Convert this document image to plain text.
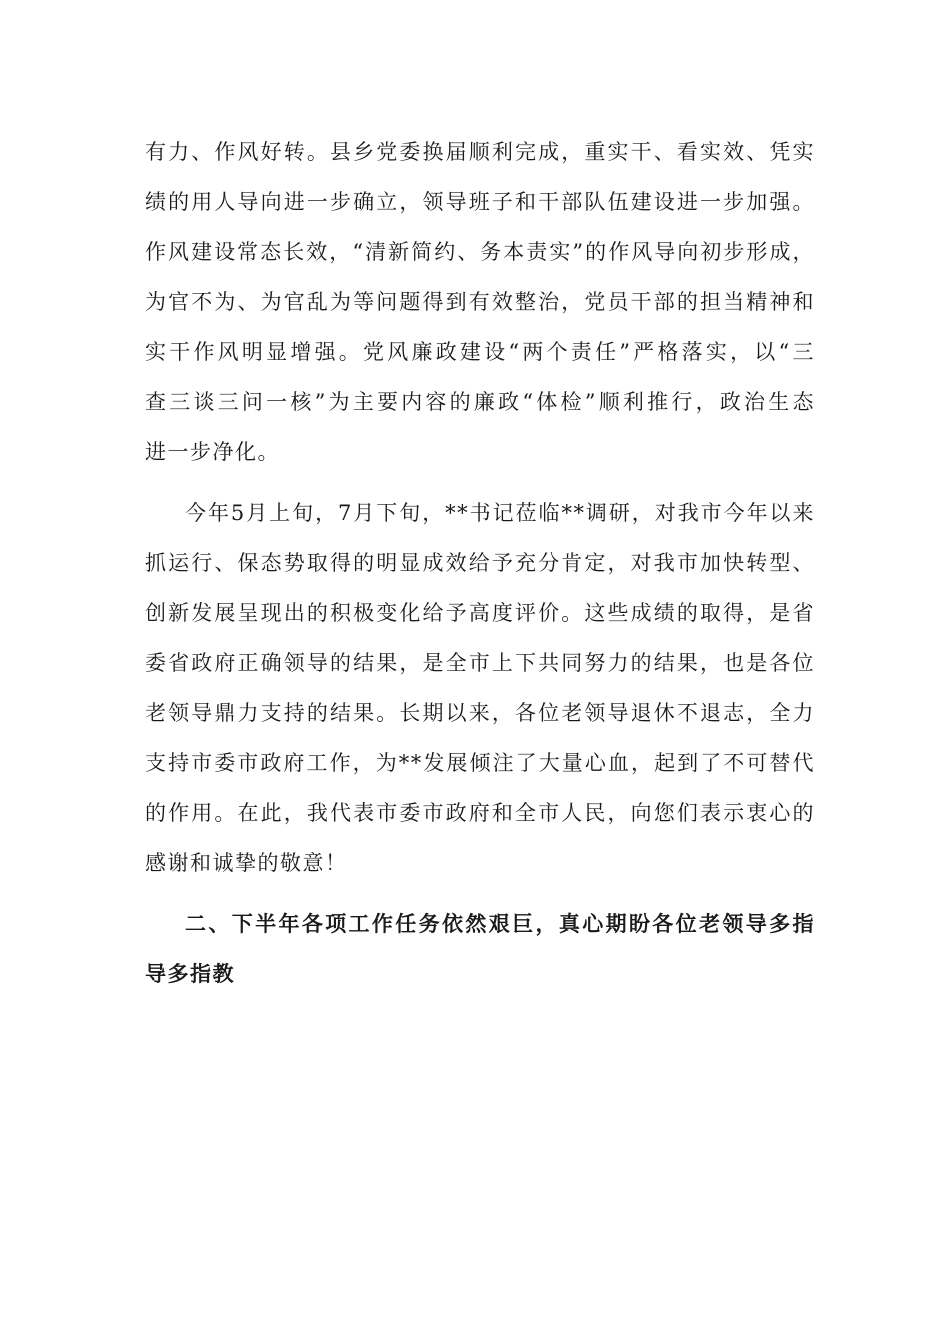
有力、作风好转。县乡党委换届顺利完成，重实干、看实效、凭实
绩的用人导向进一步确立，领导班子和干部队伍建设进一步加强。
作风建设常态长效，“清新简约、务本责实”的作风导向初步形成，
为官不为、为官乱为等问题得到有效整治，党员干部的担当精神和
实干作风明显增强。党风廉政建设“两个责任”严格落实，以“三
查三谈三问一核”为主要内容的廉政“体检”顺利推行，政治生态
进一步净化。
今年5月上旬，7月下旬，**书记莅临**调研，对我市今年以来
抓运行、保态势取得的明显成效给予充分肯定，对我市加快转型、
创新发展呈现出的积极变化给予高度评价。这些成绩的取得，是省
委省政府正确领导的结果，是全市上下共同努力的结果，也是各位
老领导鼎力支持的结果。长期以来，各位老领导退休不退志，全力
支持市委市政府工作，为**发展倾注了大量心血，起到了不可替代
的作用。在此，我代表市委市政府和全市人民，向您们表示衷心的
感谢和诚挚的敬意！
二、下半年各项工作任务依然艰巨，真心期盼各位老领导多指
导多指教
